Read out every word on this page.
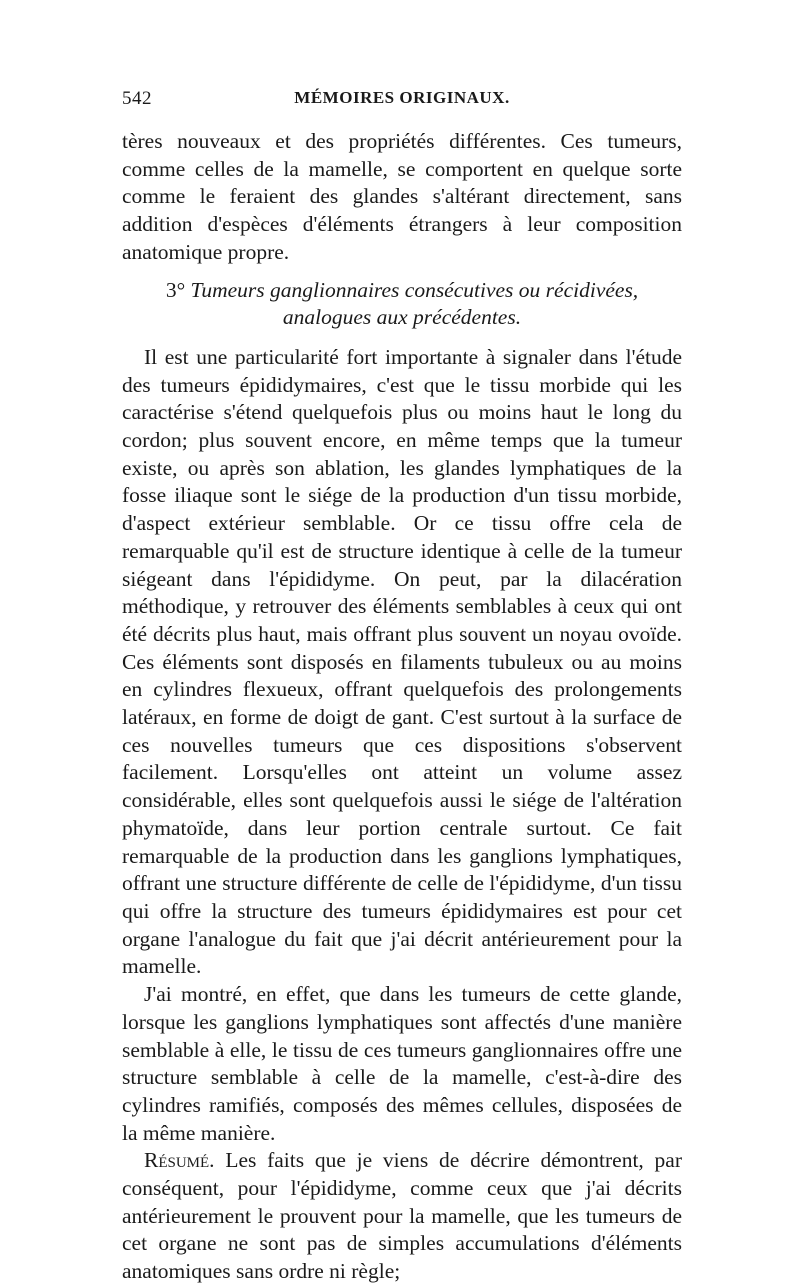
542	MÉMOIRES ORIGINAUX.

tères nouveaux et des propriétés différentes. Ces tumeurs, comme celles de la mamelle, se comportent en quelque sorte comme le feraient des glandes s'altérant directement, sans addition d'espèces d'éléments étrangers à leur composition anatomique propre.

3° Tumeurs ganglionnaires consécutives ou récidivées, analogues aux précédentes.

Il est une particularité fort importante à signaler dans l'étude des tumeurs épididymaires, c'est que le tissu morbide qui les caractérise s'étend quelquefois plus ou moins haut le long du cordon; plus souvent encore, en même temps que la tumeur existe, ou après son ablation, les glandes lymphatiques de la fosse iliaque sont le siége de la production d'un tissu morbide, d'aspect extérieur semblable. Or ce tissu offre cela de remarquable qu'il est de structure identique à celle de la tumeur siégeant dans l'épididyme. On peut, par la dilacération méthodique, y retrouver des éléments semblables à ceux qui ont été décrits plus haut, mais offrant plus souvent un noyau ovoïde. Ces éléments sont disposés en filaments tubuleux ou au moins en cylindres flexueux, offrant quelquefois des prolongements latéraux, en forme de doigt de gant. C'est surtout à la surface de ces nouvelles tumeurs que ces dispositions s'observent facilement. Lorsqu'elles ont atteint un volume assez considérable, elles sont quelquefois aussi le siége de l'altération phymatoïde, dans leur portion centrale surtout. Ce fait remarquable de la production dans les ganglions lymphatiques, offrant une structure différente de celle de l'épididyme, d'un tissu qui offre la structure des tumeurs épididymaires est pour cet organe l'analogue du fait que j'ai décrit antérieurement pour la mamelle.

J'ai montré, en effet, que dans les tumeurs de cette glande, lorsque les ganglions lymphatiques sont affectés d'une manière semblable à elle, le tissu de ces tumeurs ganglionnaires offre une structure semblable à celle de la mamelle, c'est-à-dire des cylindres ramifiés, composés des mêmes cellules, disposées de la même manière.

Résumé. Les faits que je viens de décrire démontrent, par conséquent, pour l'épididyme, comme ceux que j'ai décrits antérieurement le prouvent pour la mamelle, que les tumeurs de cet organe ne sont pas de simples accumulations d'éléments anatomiques sans ordre ni règle;
